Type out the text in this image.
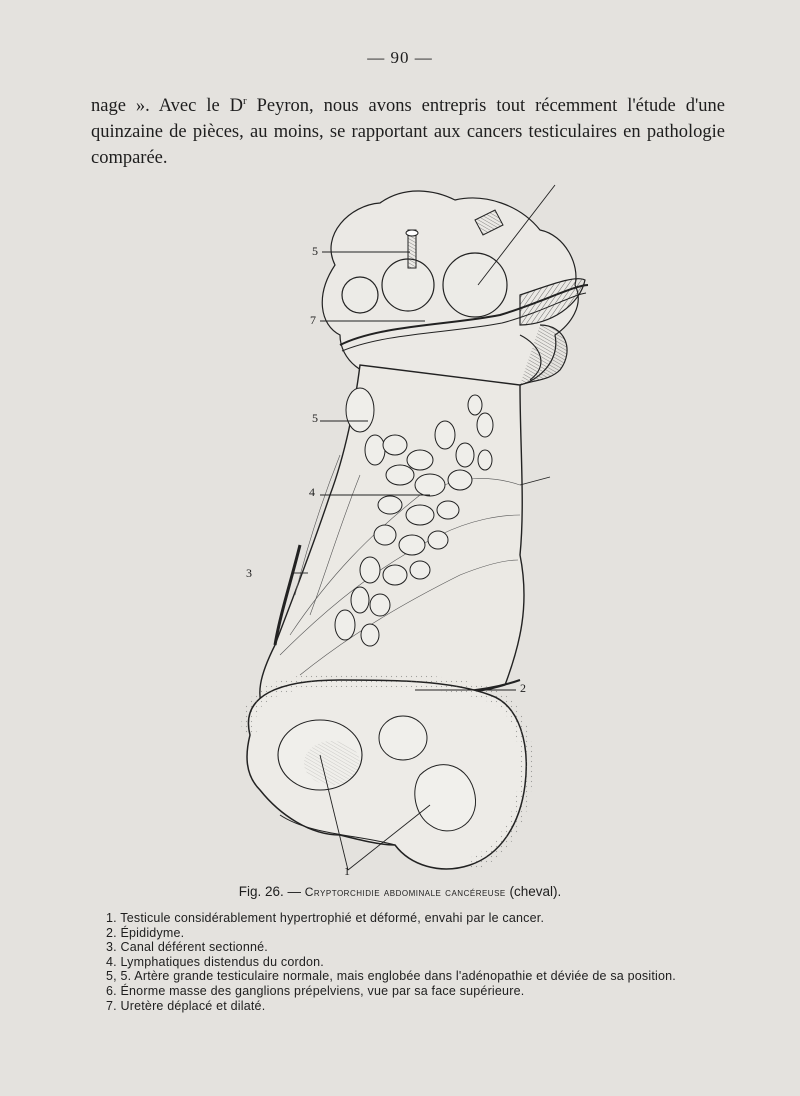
— 90 —
nage ». Avec le $D^r$ Peyron, nous avons entrepris tout récemment l'étude d'une
quinzaine de pièces, au moins, se rapportant aux cancers testiculaires en pathologie
comparée.
5
7
5
4
3
2
1
Fig. 26. — Cryptorchidie abdominale cancéreuse (cheval).
1. Testicule considérablement hypertrophié et déformé, envahi par le cancer.
2. Épididyme.
3. Canal déférent sectionné.
4. Lymphatiques distendus du cordon.
5, 5. Artère grande testiculaire normale, mais englobée dans l'adénopathie et déviée de sa position.
6. Énorme masse des ganglions prépelviens, vue par sa face supérieure.
7. Uretère déplacé et dilaté.
